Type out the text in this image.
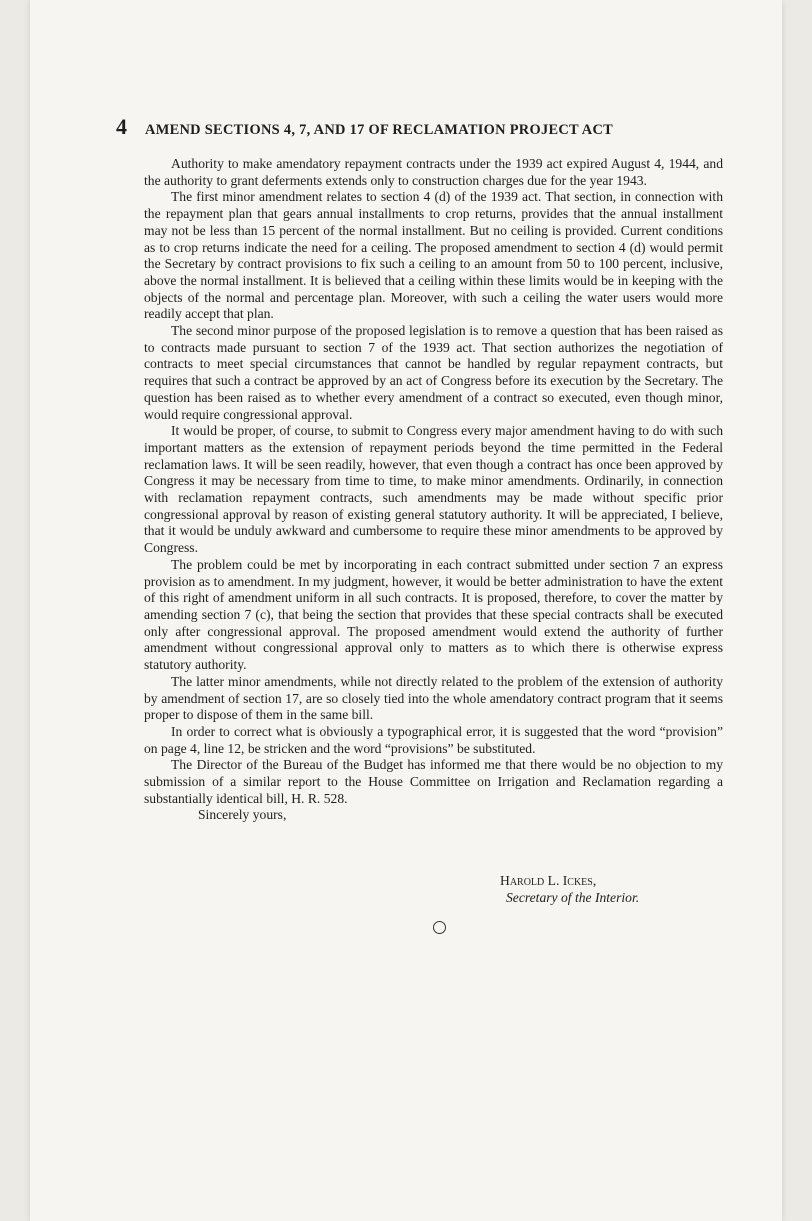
4 AMEND SECTIONS 4, 7, AND 17 OF RECLAMATION PROJECT ACT

Authority to make amendatory repayment contracts under the 1939 act expired August 4, 1944, and the authority to grant deferments extends only to construction charges due for the year 1943.

The first minor amendment relates to section 4 (d) of the 1939 act. That section, in connection with the repayment plan that gears annual installments to crop returns, provides that the annual installment may not be less than 15 percent of the normal installment. But no ceiling is provided. Current conditions as to crop returns indicate the need for a ceiling. The proposed amendment to section 4 (d) would permit the Secretary by contract provisions to fix such a ceiling to an amount from 50 to 100 percent, inclusive, above the normal installment. It is believed that a ceiling within these limits would be in keeping with the objects of the normal and percentage plan. Moreover, with such a ceiling the water users would more readily accept that plan.

The second minor purpose of the proposed legislation is to remove a question that has been raised as to contracts made pursuant to section 7 of the 1939 act. That section authorizes the negotiation of contracts to meet special circumstances that cannot be handled by regular repayment contracts, but requires that such a contract be approved by an act of Congress before its execution by the Secretary. The question has been raised as to whether every amendment of a contract so executed, even though minor, would require congressional approval.

It would be proper, of course, to submit to Congress every major amendment having to do with such important matters as the extension of repayment periods beyond the time permitted in the Federal reclamation laws. It will be seen readily, however, that even though a contract has once been approved by Congress it may be necessary from time to time, to make minor amendments. Ordinarily, in connection with reclamation repayment contracts, such amendments may be made without specific prior congressional approval by reason of existing general statutory authority. It will be appreciated, I believe, that it would be unduly awkward and cumbersome to require these minor amendments to be approved by Congress.

The problem could be met by incorporating in each contract submitted under section 7 an express provision as to amendment. In my judgment, however, it would be better administration to have the extent of this right of amendment uniform in all such contracts. It is proposed, therefore, to cover the matter by amending section 7 (c), that being the section that provides that these special contracts shall be executed only after congressional approval. The proposed amendment would extend the authority of further amendment without congressional approval only to matters as to which there is otherwise express statutory authority.

The latter minor amendments, while not directly related to the problem of the extension of authority by amendment of section 17, are so closely tied into the whole amendatory contract program that it seems proper to dispose of them in the same bill.

In order to correct what is obviously a typographical error, it is suggested that the word “provision” on page 4, line 12, be stricken and the word “provisions” be substituted.

The Director of the Bureau of the Budget has informed me that there would be no objection to my submission of a similar report to the House Committee on Irrigation and Reclamation regarding a substantially identical bill, H. R. 528.

Sincerely yours,

Harold L. Ickes,
Secretary of the Interior.
